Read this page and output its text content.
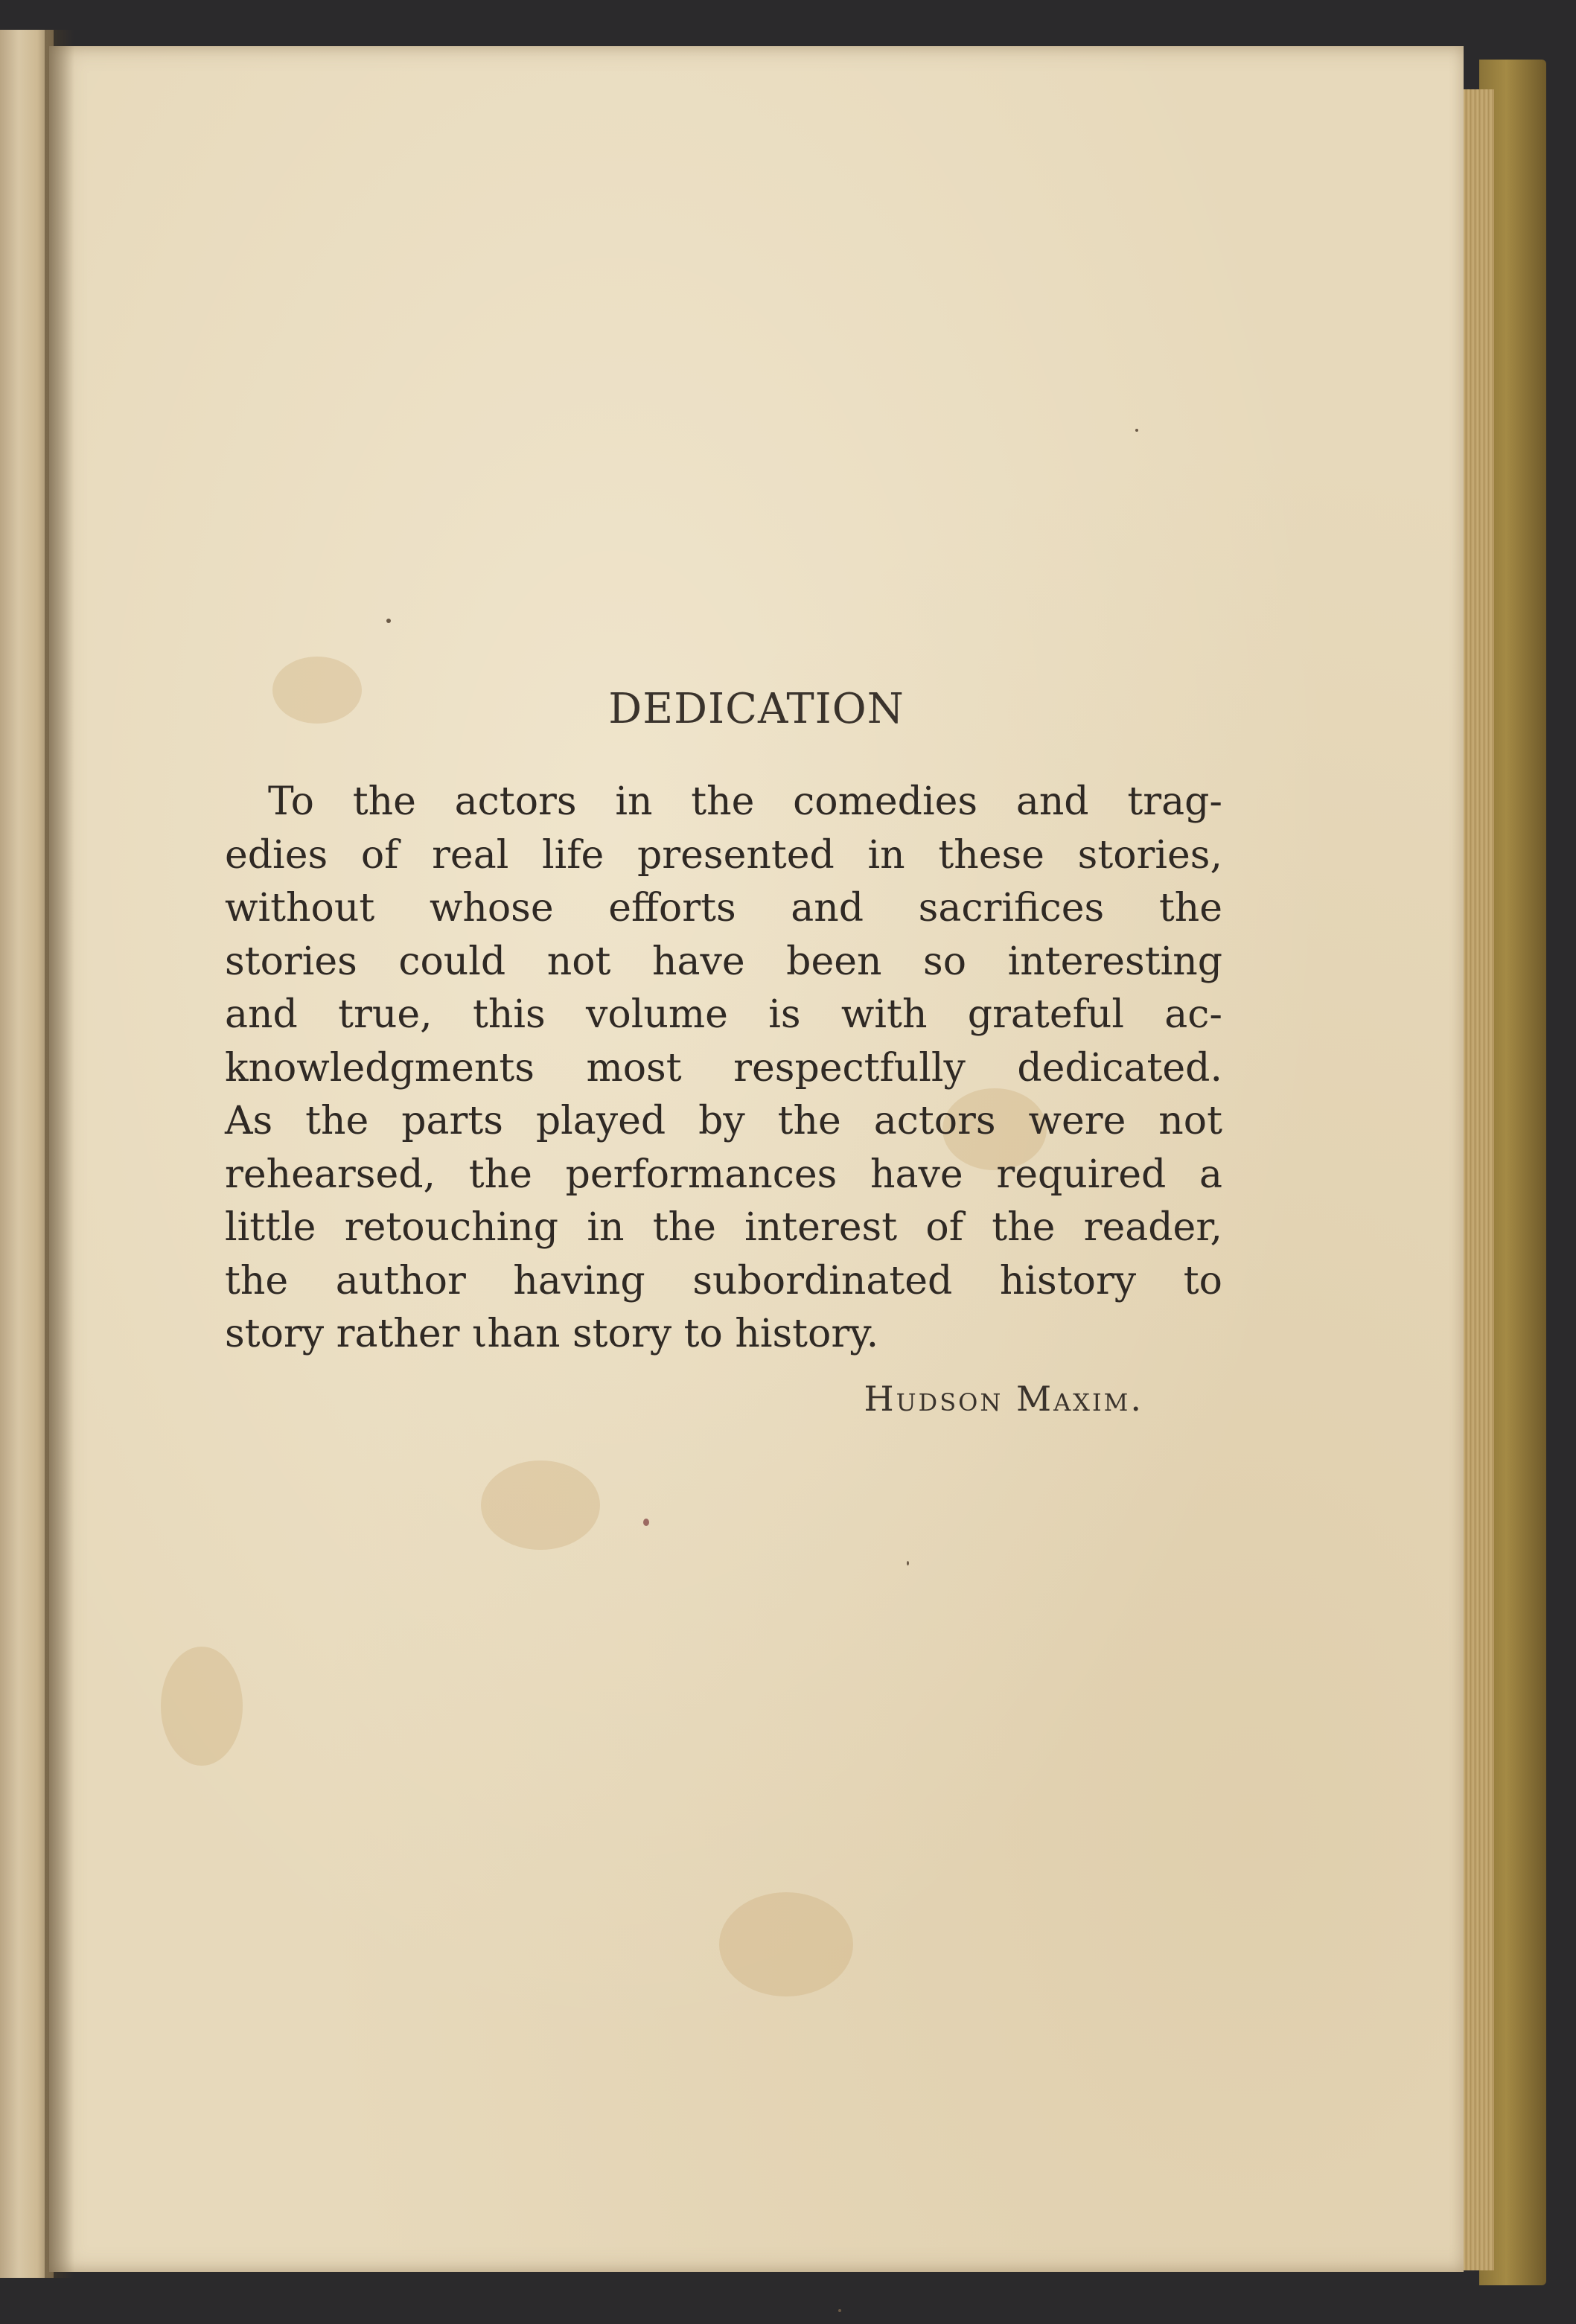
DEDICATION
To the actors in the comedies and trag-
edies of real life presented in these stories,
without whose efforts and sacrifices the
stories could not have been so interesting
and true, this volume is with grateful ac-
knowledgments most respectfully dedicated.
As the parts played by the actors were not
rehearsed, the performances have required a
little retouching in the interest of the reader,
the author having subordinated history to
story rather ιhan story to history.
Hudson Maxim.
